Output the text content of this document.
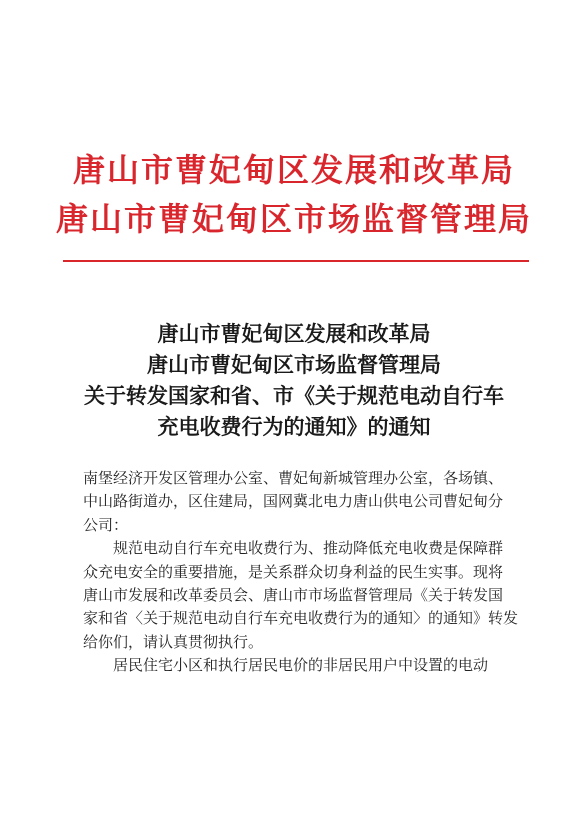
唐山市曹妃甸区发展和改革局
唐山市曹妃甸区市场监督管理局
唐山市曹妃甸区发展和改革局
唐山市曹妃甸区市场监督管理局
关于转发国家和省、市《关于规范电动自行车
充电收费行为的通知》的通知
南堡经济开发区管理办公室、曹妃甸新城管理办公室，各场镇、
中山路街道办，区住建局，国网冀北电力唐山供电公司曹妃甸分
公司：
规范电动自行车充电收费行为、推动降低充电收费是保障群
众充电安全的重要措施，是关系群众切身利益的民生实事。现将
唐山市发展和改革委员会、唐山市市场监督管理局《关于转发国
家和省〈关于规范电动自行车充电收费行为的通知〉的通知》转发
给你们，请认真贯彻执行。
居民住宅小区和执行居民电价的非居民用户中设置的电动
